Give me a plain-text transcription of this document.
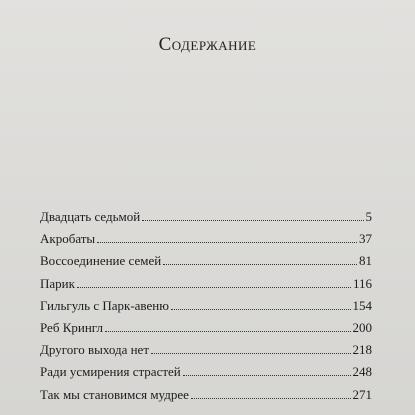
Содержание
Двадцать седьмой	5
Акробаты	37
Воссоединение семей	81
Парик	116
Гильгуль с Парк-авеню	154
Реб Крингл	200
Другого выхода нет	218
Ради усмирения страстей	248
Так мы становимся мудрее	271
